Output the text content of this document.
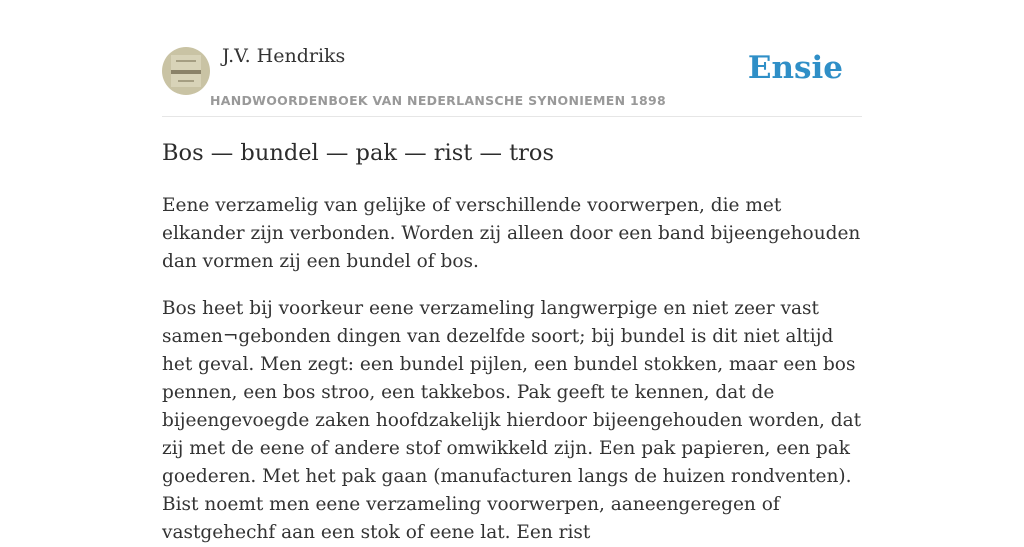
J.V. Hendriks
HANDWOORDENBOEK VAN NEDERLANSCHE SYNONIEMEN 1898
Ensie
Bos — bundel — pak — rist — tros

Eene verzamelig van gelijke of verschillende voorwerpen, die met elkander zijn verbonden. Worden zij alleen door een band bijeengehouden dan vormen zij een bundel of bos.

Bos heet bij voorkeur eene verzameling langwerpige en niet zeer vast samen¬gebonden dingen van dezelfde soort; bij bundel is dit niet altijd het geval. Men zegt: een bundel pijlen, een bundel stokken, maar een bos pennen, een bos stroo, een takkebos. Pak geeft te kennen, dat de bijeengevoegde zaken hoofdzakelijk hierdoor bijeengehouden worden, dat zij met de eene of andere stof omwikkeld zijn. Een pak papieren, een pak goederen. Met het pak gaan (manufacturen langs de huizen rondventen). Bist noemt men eene verzameling voorwerpen, aaneengeregen of vastgehechf aan een stok of eene lat. Een rist
